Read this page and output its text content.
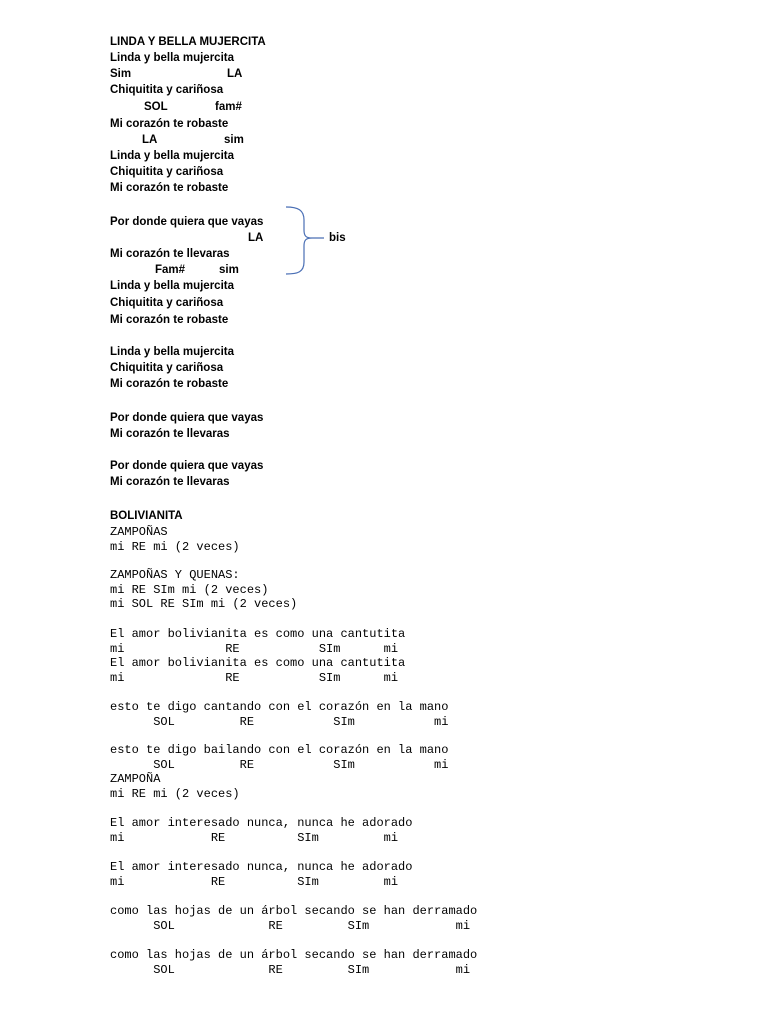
LINDA Y BELLA MUJERCITA
Linda y bella mujercita
Sim	LA
Chiquitita y cariñosa
SOL	fam#
Mi corazón te robaste
LA	sim
Linda y bella mujercita
Chiquitita y cariñosa
Mi corazón te robaste
Por donde quiera que vayas
LA
Mi corazón te llevaras
Fam#	sim
bis
Linda y bella mujercita
Chiquitita y cariñosa
Mi corazón te robaste
Linda y bella mujercita
Chiquitita y cariñosa
Mi corazón te robaste
Por donde quiera que vayas
Mi corazón te llevaras
Por donde quiera que vayas
Mi corazón te llevaras
BOLIVIANITA
ZAMPOÑAS
mi RE mi (2 veces)
ZAMPOÑAS Y QUENAS:
mi RE SIm mi (2 veces)
mi SOL RE SIm mi (2 veces)
El amor bolivianita es como una cantutita
mi              RE           SIm      mi
El amor bolivianita es como una cantutita
mi              RE           SIm      mi
esto te digo cantando con el corazón en la mano
SOL         RE           SIm           mi
esto te digo bailando con el corazón en la mano
SOL         RE           SIm           mi
ZAMPOÑA
mi RE mi (2 veces)
El amor interesado nunca, nunca he adorado
mi            RE          SIm         mi
El amor interesado nunca, nunca he adorado
mi            RE          SIm         mi
como las hojas de un árbol secando se han derramado
SOL             RE         SIm            mi
como las hojas de un árbol secando se han derramado
SOL             RE         SIm            mi
